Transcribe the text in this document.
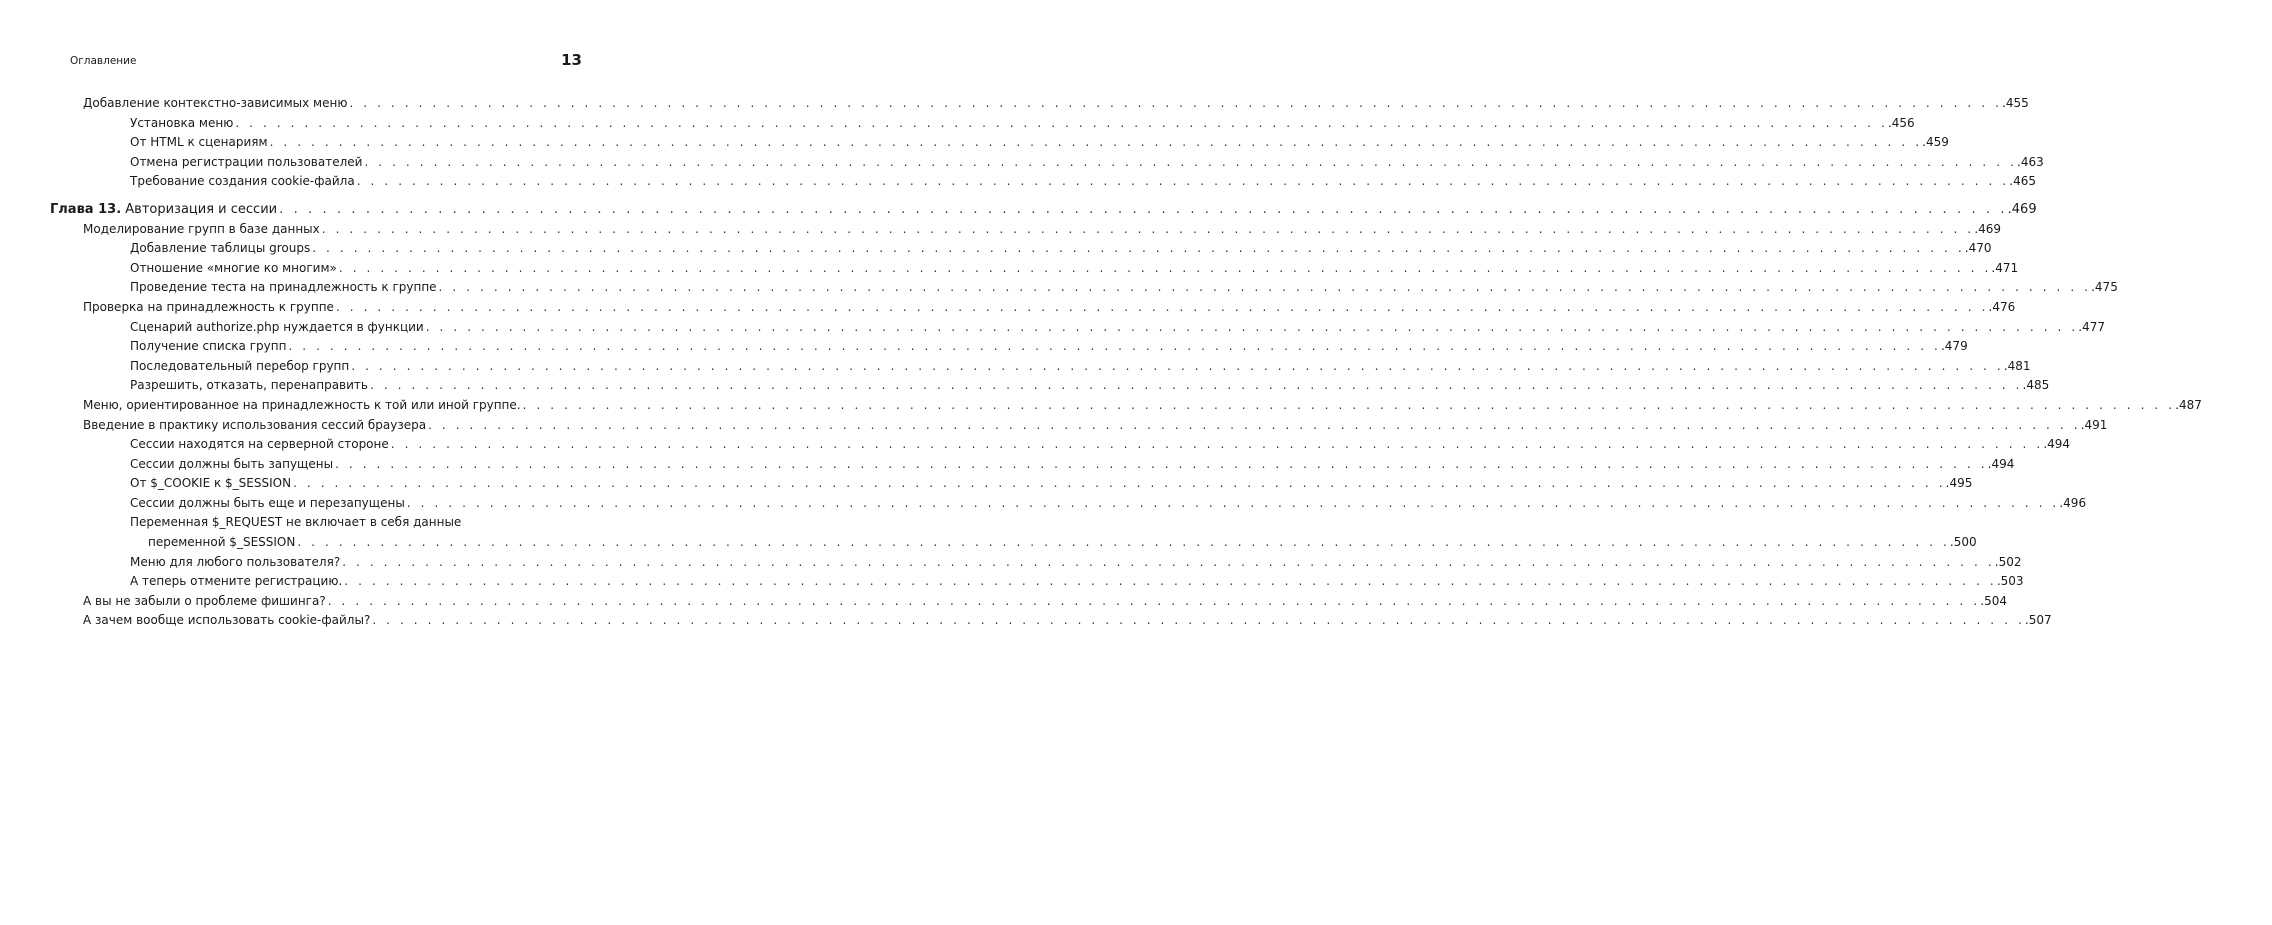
Оглавление	13
Добавление контекстно-зависимых меню . . . . . . . . . . . . . . . . . . . . . . . . . . . . . . . . . . . . . . . . . . . . . . . . . . . . . . . . . . . . . . . . . . . . . . . . . . . . . . . . . . . . . . . . . . . . . . . . . . . . . . . . . . . . . . . . . . . . . . . . .455
Установка меню . . . . . . . . . . . . . . . . . . . . . . . . . . . . . . . . . . . . . . . . . . . . . . . . . . . . . . . . . . . . . . . . . . . . . . . . . . . . . . . . . . . . . . . . . . . . . . . . . . . . . . . . . . . . . . . . . . . . . . . . .456
От HTML к сценариям . . . . . . . . . . . . . . . . . . . . . . . . . . . . . . . . . . . . . . . . . . . . . . . . . . . . . . . . . . . . . . . . . . . . . . . . . . . . . . . . . . . . . . . . . . . . . . . . . . . . . . . . . . . . . . . . . . . . . . . . .459
Отмена регистрации пользователей . . . . . . . . . . . . . . . . . . . . . . . . . . . . . . . . . . . . . . . . . . . . . . . . . . . . . . . . . . . . . . . . . . . . . . . . . . . . . . . . . . . . . . . . . . . . . . . . . . . . . . . . . . . . . . . . . . . . . . . . .463
Требование создания cookie-файла . . . . . . . . . . . . . . . . . . . . . . . . . . . . . . . . . . . . . . . . . . . . . . . . . . . . . . . . . . . . . . . . . . . . . . . . . . . . . . . . . . . . . . . . . . . . . . . . . . . . . . . . . . . . . . . . . . . . . . . . .465
Глава 13. Авторизация и сессии . . . . . . . . . . . . . . . . . . . . . . . . . . . . . . . . . . . . . . . . . . . . . . . . . . . . . . . . . . . . . . . . . . . . . . . . . . . . . . . . . . . . . . . . . . . . . . . . . . . . . . . . . . . . . . . . . . . . . . . . .469
Моделирование групп в базе данных . . . . . . . . . . . . . . . . . . . . . . . . . . . . . . . . . . . . . . . . . . . . . . . . . . . . . . . . . . . . . . . . . . . . . . . . . . . . . . . . . . . . . . . . . . . . . . . . . . . . . . . . . . . . . . . . . . . . . . . . .469
Добавление таблицы groups . . . . . . . . . . . . . . . . . . . . . . . . . . . . . . . . . . . . . . . . . . . . . . . . . . . . . . . . . . . . . . . . . . . . . . . . . . . . . . . . . . . . . . . . . . . . . . . . . . . . . . . . . . . . . . . . . . . . . . . . .470
Отношение «многие ко многим» . . . . . . . . . . . . . . . . . . . . . . . . . . . . . . . . . . . . . . . . . . . . . . . . . . . . . . . . . . . . . . . . . . . . . . . . . . . . . . . . . . . . . . . . . . . . . . . . . . . . . . . . . . . . . . . . . . . . . . . . .471
Проведение теста на принадлежность к группе . . . . . . . . . . . . . . . . . . . . . . . . . . . . . . . . . . . . . . . . . . . . . . . . . . . . . . . . . . . . . . . . . . . . . . . . . . . . . . . . . . . . . . . . . . . . . . . . . . . . . . . . . . . . . . . . . . . . . . . . .475
Проверка на принадлежность к группе . . . . . . . . . . . . . . . . . . . . . . . . . . . . . . . . . . . . . . . . . . . . . . . . . . . . . . . . . . . . . . . . . . . . . . . . . . . . . . . . . . . . . . . . . . . . . . . . . . . . . . . . . . . . . . . . . . . . . . . . .476
Сценарий authorize.php нуждается в функции . . . . . . . . . . . . . . . . . . . . . . . . . . . . . . . . . . . . . . . . . . . . . . . . . . . . . . . . . . . . . . . . . . . . . . . . . . . . . . . . . . . . . . . . . . . . . . . . . . . . . . . . . . . . . . . . . . . . . . . . .477
Получение списка групп . . . . . . . . . . . . . . . . . . . . . . . . . . . . . . . . . . . . . . . . . . . . . . . . . . . . . . . . . . . . . . . . . . . . . . . . . . . . . . . . . . . . . . . . . . . . . . . . . . . . . . . . . . . . . . . . . . . . . . . . .479
Последовательный перебор групп . . . . . . . . . . . . . . . . . . . . . . . . . . . . . . . . . . . . . . . . . . . . . . . . . . . . . . . . . . . . . . . . . . . . . . . . . . . . . . . . . . . . . . . . . . . . . . . . . . . . . . . . . . . . . . . . . . . . . . . . .481
Разрешить, отказать, перенаправить . . . . . . . . . . . . . . . . . . . . . . . . . . . . . . . . . . . . . . . . . . . . . . . . . . . . . . . . . . . . . . . . . . . . . . . . . . . . . . . . . . . . . . . . . . . . . . . . . . . . . . . . . . . . . . . . . . . . . . . . .485
Меню, ориентированное на принадлежность к той или иной группе. . . . . . . . . . . . . . . . . . . . . . . . . . . . . . . . . . . . . . . . . . . . . . . . . . . . . . . . . . . . . . . . . . . . . . . . . . . . . . . . . . . . . . . . . . . . . . . . . . . . . . . . . . . . . . . . . . . . . . . . . .487
Введение в практику использования сессий браузера . . . . . . . . . . . . . . . . . . . . . . . . . . . . . . . . . . . . . . . . . . . . . . . . . . . . . . . . . . . . . . . . . . . . . . . . . . . . . . . . . . . . . . . . . . . . . . . . . . . . . . . . . . . . . . . . . . . . . . . . .491
Сессии находятся на серверной стороне . . . . . . . . . . . . . . . . . . . . . . . . . . . . . . . . . . . . . . . . . . . . . . . . . . . . . . . . . . . . . . . . . . . . . . . . . . . . . . . . . . . . . . . . . . . . . . . . . . . . . . . . . . . . . . . . . . . . . . . . .494
Сессии должны быть запущены . . . . . . . . . . . . . . . . . . . . . . . . . . . . . . . . . . . . . . . . . . . . . . . . . . . . . . . . . . . . . . . . . . . . . . . . . . . . . . . . . . . . . . . . . . . . . . . . . . . . . . . . . . . . . . . . . . . . . . . . .494
От $_COOKIE к $_SESSION . . . . . . . . . . . . . . . . . . . . . . . . . . . . . . . . . . . . . . . . . . . . . . . . . . . . . . . . . . . . . . . . . . . . . . . . . . . . . . . . . . . . . . . . . . . . . . . . . . . . . . . . . . . . . . . . . . . . . . . . .495
Сессии должны быть еще и перезапущены . . . . . . . . . . . . . . . . . . . . . . . . . . . . . . . . . . . . . . . . . . . . . . . . . . . . . . . . . . . . . . . . . . . . . . . . . . . . . . . . . . . . . . . . . . . . . . . . . . . . . . . . . . . . . . . . . . . . . . . . .496
Переменная $_REQUEST не включает в себя данные
переменной $_SESSION . . . . . . . . . . . . . . . . . . . . . . . . . . . . . . . . . . . . . . . . . . . . . . . . . . . . . . . . . . . . . . . . . . . . . . . . . . . . . . . . . . . . . . . . . . . . . . . . . . . . . . . . . . . . . . . . . . . . . . . . .500
Меню для любого пользователя? . . . . . . . . . . . . . . . . . . . . . . . . . . . . . . . . . . . . . . . . . . . . . . . . . . . . . . . . . . . . . . . . . . . . . . . . . . . . . . . . . . . . . . . . . . . . . . . . . . . . . . . . . . . . . . . . . . . . . . . . .502
А теперь отмените регистрацию. . . . . . . . . . . . . . . . . . . . . . . . . . . . . . . . . . . . . . . . . . . . . . . . . . . . . . . . . . . . . . . . . . . . . . . . . . . . . . . . . . . . . . . . . . . . . . . . . . . . . . . . . . . . . . . . . . . . . . . . . .503
А вы не забыли о проблеме фишинга? . . . . . . . . . . . . . . . . . . . . . . . . . . . . . . . . . . . . . . . . . . . . . . . . . . . . . . . . . . . . . . . . . . . . . . . . . . . . . . . . . . . . . . . . . . . . . . . . . . . . . . . . . . . . . . . . . . . . . . . . .504
А зачем вообще использовать cookie-файлы? . . . . . . . . . . . . . . . . . . . . . . . . . . . . . . . . . . . . . . . . . . . . . . . . . . . . . . . . . . . . . . . . . . . . . . . . . . . . . . . . . . . . . . . . . . . . . . . . . . . . . . . . . . . . . . . . . . . . . . . . .507
